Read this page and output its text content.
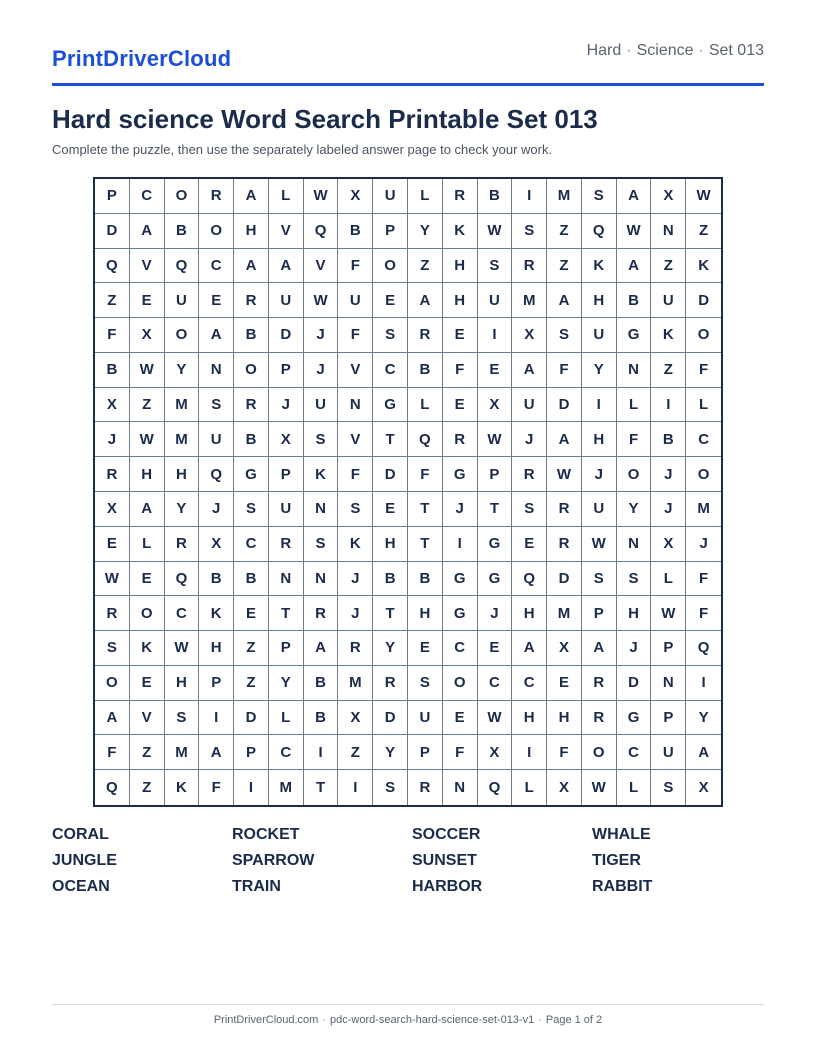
PrintDriverCloud	Hard · Science · Set 013
Hard science Word Search Printable Set 013

Complete the puzzle, then use the separately labeled answer page to check your work.

P	C	O	R	A	L	W	X	U	L	R	B	I	M	S	A	X	W
D	A	B	O	H	V	Q	B	P	Y	K	W	S	Z	Q	W	N	Z
Q	V	Q	C	A	A	V	F	O	Z	H	S	R	Z	K	A	Z	K
Z	E	U	E	R	U	W	U	E	A	H	U	M	A	H	B	U	D
F	X	O	A	B	D	J	F	S	R	E	I	X	S	U	G	K	O
B	W	Y	N	O	P	J	V	C	B	F	E	A	F	Y	N	Z	F
X	Z	M	S	R	J	U	N	G	L	E	X	U	D	I	L	I	L
J	W	M	U	B	X	S	V	T	Q	R	W	J	A	H	F	B	C
R	H	H	Q	G	P	K	F	D	F	G	P	R	W	J	O	J	O
X	A	Y	J	S	U	N	S	E	T	J	T	S	R	U	Y	J	M
E	L	R	X	C	R	S	K	H	T	I	G	E	R	W	N	X	J
W	E	Q	B	B	N	N	J	B	B	G	G	Q	D	S	S	L	F
R	O	C	K	E	T	R	J	T	H	G	J	H	M	P	H	W	F
S	K	W	H	Z	P	A	R	Y	E	C	E	A	X	A	J	P	Q
O	E	H	P	Z	Y	B	M	R	S	O	C	C	E	R	D	N	I
A	V	S	I	D	L	B	X	D	U	E	W	H	H	R	G	P	Y
F	Z	M	A	P	C	I	Z	Y	P	F	X	I	F	O	C	U	A
Q	Z	K	F	I	M	T	I	S	R	N	Q	L	X	W	L	S	X
CORAL	ROCKET	SOCCER	WHALE
JUNGLE	SPARROW	SUNSET	TIGER
OCEAN	TRAIN	HARBOR	RABBIT
PrintDriverCloud.com · pdc-word-search-hard-science-set-013-v1 · Page 1 of 2
